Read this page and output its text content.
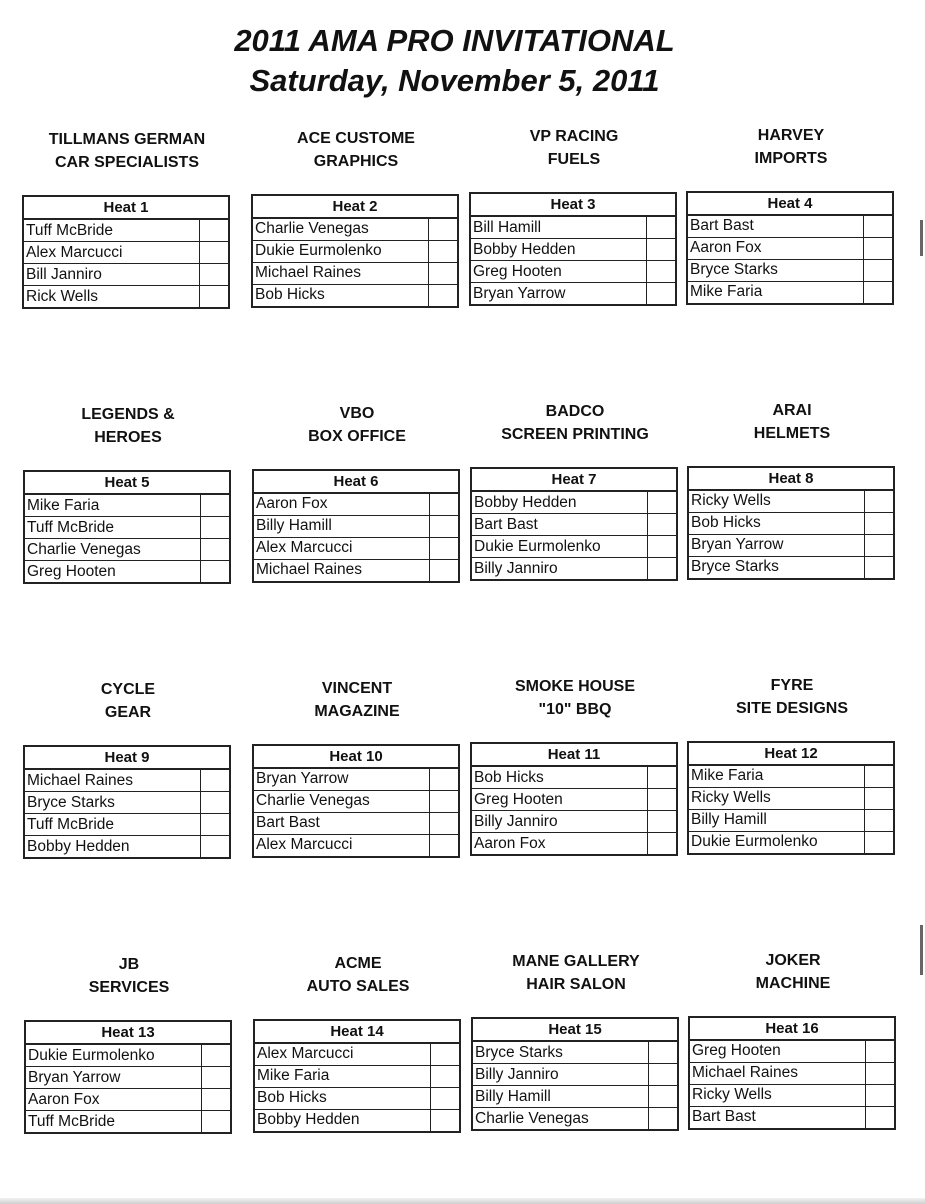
2011 AMA PRO INVITATIONAL
Saturday, November 5, 2011
TILLMANS GERMAN
CAR SPECIALISTS
Heat 1	
Tuff McBride	
Alex Marcucci	
Bill Janniro	
Rick Wells	
ACE CUSTOME
GRAPHICS
Heat 2	
Charlie Venegas	
Dukie Eurmolenko	
Michael Raines	
Bob Hicks	
VP RACING
FUELS
Heat 3	
Bill Hamill	
Bobby Hedden	
Greg Hooten	
Bryan Yarrow	
HARVEY
IMPORTS
Heat 4	
Bart Bast	
Aaron Fox	
Bryce Starks	
Mike Faria	
LEGENDS &
HEROES
Heat 5	
Mike Faria	
Tuff McBride	
Charlie Venegas	
Greg Hooten	
VBO
BOX OFFICE
Heat 6	
Aaron Fox	
Billy Hamill	
Alex Marcucci	
Michael Raines	
BADCO
SCREEN PRINTING
Heat 7	
Bobby Hedden	
Bart Bast	
Dukie Eurmolenko	
Billy Janniro	
ARAI
HELMETS
Heat 8	
Ricky Wells	
Bob Hicks	
Bryan Yarrow	
Bryce Starks	
CYCLE
GEAR
Heat 9	
Michael Raines	
Bryce Starks	
Tuff McBride	
Bobby Hedden	
VINCENT
MAGAZINE
Heat 10	
Bryan Yarrow	
Charlie Venegas	
Bart Bast	
Alex Marcucci	
SMOKE HOUSE
"10" BBQ
Heat 11	
Bob Hicks	
Greg Hooten	
Billy Janniro	
Aaron Fox	
FYRE
SITE DESIGNS
Heat 12	
Mike Faria	
Ricky Wells	
Billy Hamill	
Dukie Eurmolenko	
JB
SERVICES
Heat 13	
Dukie Eurmolenko	
Bryan Yarrow	
Aaron Fox	
Tuff McBride	
ACME
AUTO SALES
Heat 14	
Alex Marcucci	
Mike Faria	
Bob Hicks	
Bobby Hedden	
MANE GALLERY
HAIR SALON
Heat 15	
Bryce Starks	
Billy Janniro	
Billy Hamill	
Charlie Venegas	
JOKER
MACHINE
Heat 16	
Greg Hooten	
Michael Raines	
Ricky Wells	
Bart Bast	
